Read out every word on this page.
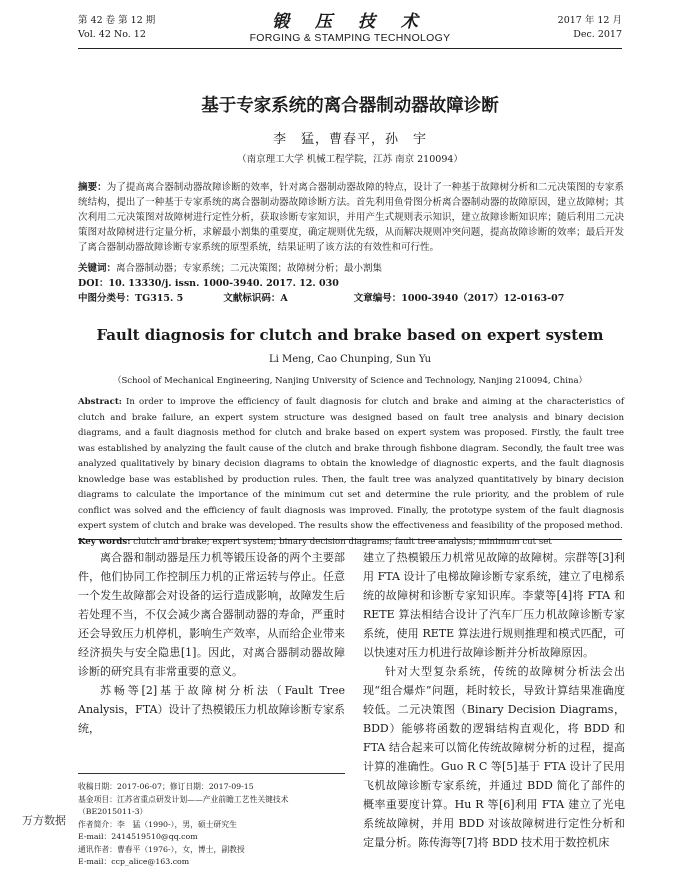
第 42 卷 第 12 期
Vol. 42 No. 12
锻 压 技 术
FORGING & STAMPING TECHNOLOGY
2017 年 12 月
Dec. 2017
基于专家系统的离合器制动器故障诊断
李　猛，曹春平，孙　宇
（南京理工大学 机械工程学院，江苏 南京 210094）
摘要：为了提高离合器制动器故障诊断的效率，针对离合器制动器故障的特点，设计了一种基于故障树分析和二元决策图的专家系统结构，提出了一种基于专家系统的离合器制动器故障诊断方法。首先利用鱼骨图分析离合器制动器的故障原因，建立故障树；其次利用二元决策图对故障树进行定性分析，获取诊断专家知识，并用产生式规则表示知识，建立故障诊断知识库；随后利用二元决策图对故障树进行定量分析，求解最小割集的重要度，确定规则优先级，从而解决规则冲突问题，提高故障诊断的效率；最后开发了离合器制动器故障诊断专家系统的原型系统，结果证明了该方法的有效性和可行性。
关键词：离合器制动器；专家系统；二元决策图；故障树分析；最小割集
DOI：10. 13330/j. issn. 1000-3940. 2017. 12. 030
中图分类号：TG315. 5	文献标识码：A	文章编号：1000-3940（2017）12-0163-07
Fault diagnosis for clutch and brake based on expert system
Li Meng, Cao Chunping, Sun Yu
（School of Mechanical Engineering, Nanjing University of Science and Technology, Nanjing 210094, China）
Abstract: In order to improve the efficiency of fault diagnosis for clutch and brake and aiming at the characteristics of clutch and brake failure, an expert system structure was designed based on fault tree analysis and binary decision diagrams, and a fault diagnosis method for clutch and brake based on expert system was proposed. Firstly, the fault tree was established by analyzing the fault cause of the clutch and brake through fishbone diagram. Secondly, the fault tree was analyzed qualitatively by binary decision diagrams to obtain the knowledge of diagnostic experts, and the fault diagnosis knowledge base was established by production rules. Then, the fault tree was analyzed quantitatively by binary decision diagrams to calculate the importance of the minimum cut set and determine the rule priority, and the problem of rule conflict was solved and the efficiency of fault diagnosis was improved. Finally, the prototype system of the fault diagnosis expert system of clutch and brake was developed. The results show the effectiveness and feasibility of the proposed method.
Key words: clutch and brake; expert system; binary decision diagrams; fault tree analysis; minimum cut set
离合器和制动器是压力机等锻压设备的两个主要部件，他们协同工作控制压力机的正常运转与停止。任意一个发生故障都会对设备的运行造成影响，故障发生后若处理不当，不仅会减少离合器制动器的寿命，严重时还会导致压力机停机，影响生产效率，从而给企业带来经济损失与安全隐患[1]。因此，对离合器制动器故障诊断的研究具有非常重要的意义。
苏畅等[2]基于故障树分析法（Fault Tree Analysis，FTA）设计了热模锻压力机故障诊断专家系统，
建立了热模锻压力机常见故障的故障树。宗群等[3]利用 FTA 设计了电梯故障诊断专家系统，建立了电梯系统的故障树和诊断专家知识库。李蒙等[4]将 FTA 和 RETE 算法相结合设计了汽车厂压力机故障诊断专家系统，使用 RETE 算法进行规则推理和模式匹配，可以快速对压力机进行故障诊断并分析故障原因。
针对大型复杂系统，传统的故障树分析法会出现“组合爆炸”问题，耗时较长，导致计算结果准确度较低。二元决策图（Binary Decision Diagrams，BDD）能够将函数的逻辑结构直观化，将 BDD 和 FTA 结合起来可以简化传统故障树分析的过程，提高计算的准确性。Guo R C 等[5]基于 FTA 设计了民用飞机故障诊断专家系统，并通过 BDD 简化了部件的概率重要度计算。Hu R 等[6]利用 FTA 建立了光电系统故障树，并用 BDD 对该故障树进行定性分析和定量分析。陈传海等[7]将 BDD 技术用于数控机床
收稿日期：2017-06-07；修订日期：2017-09-15
基金项目：江苏省重点研发计划——产业前瞻工艺性关键技术（BE2015011-3）
作者简介：李　猛（1990-），男，硕士研究生
E-mail：2414519510@qq.com
通讯作者：曹春平（1976-），女，博士，副教授
E-mail：ccp_alice@163.com
万方数据
